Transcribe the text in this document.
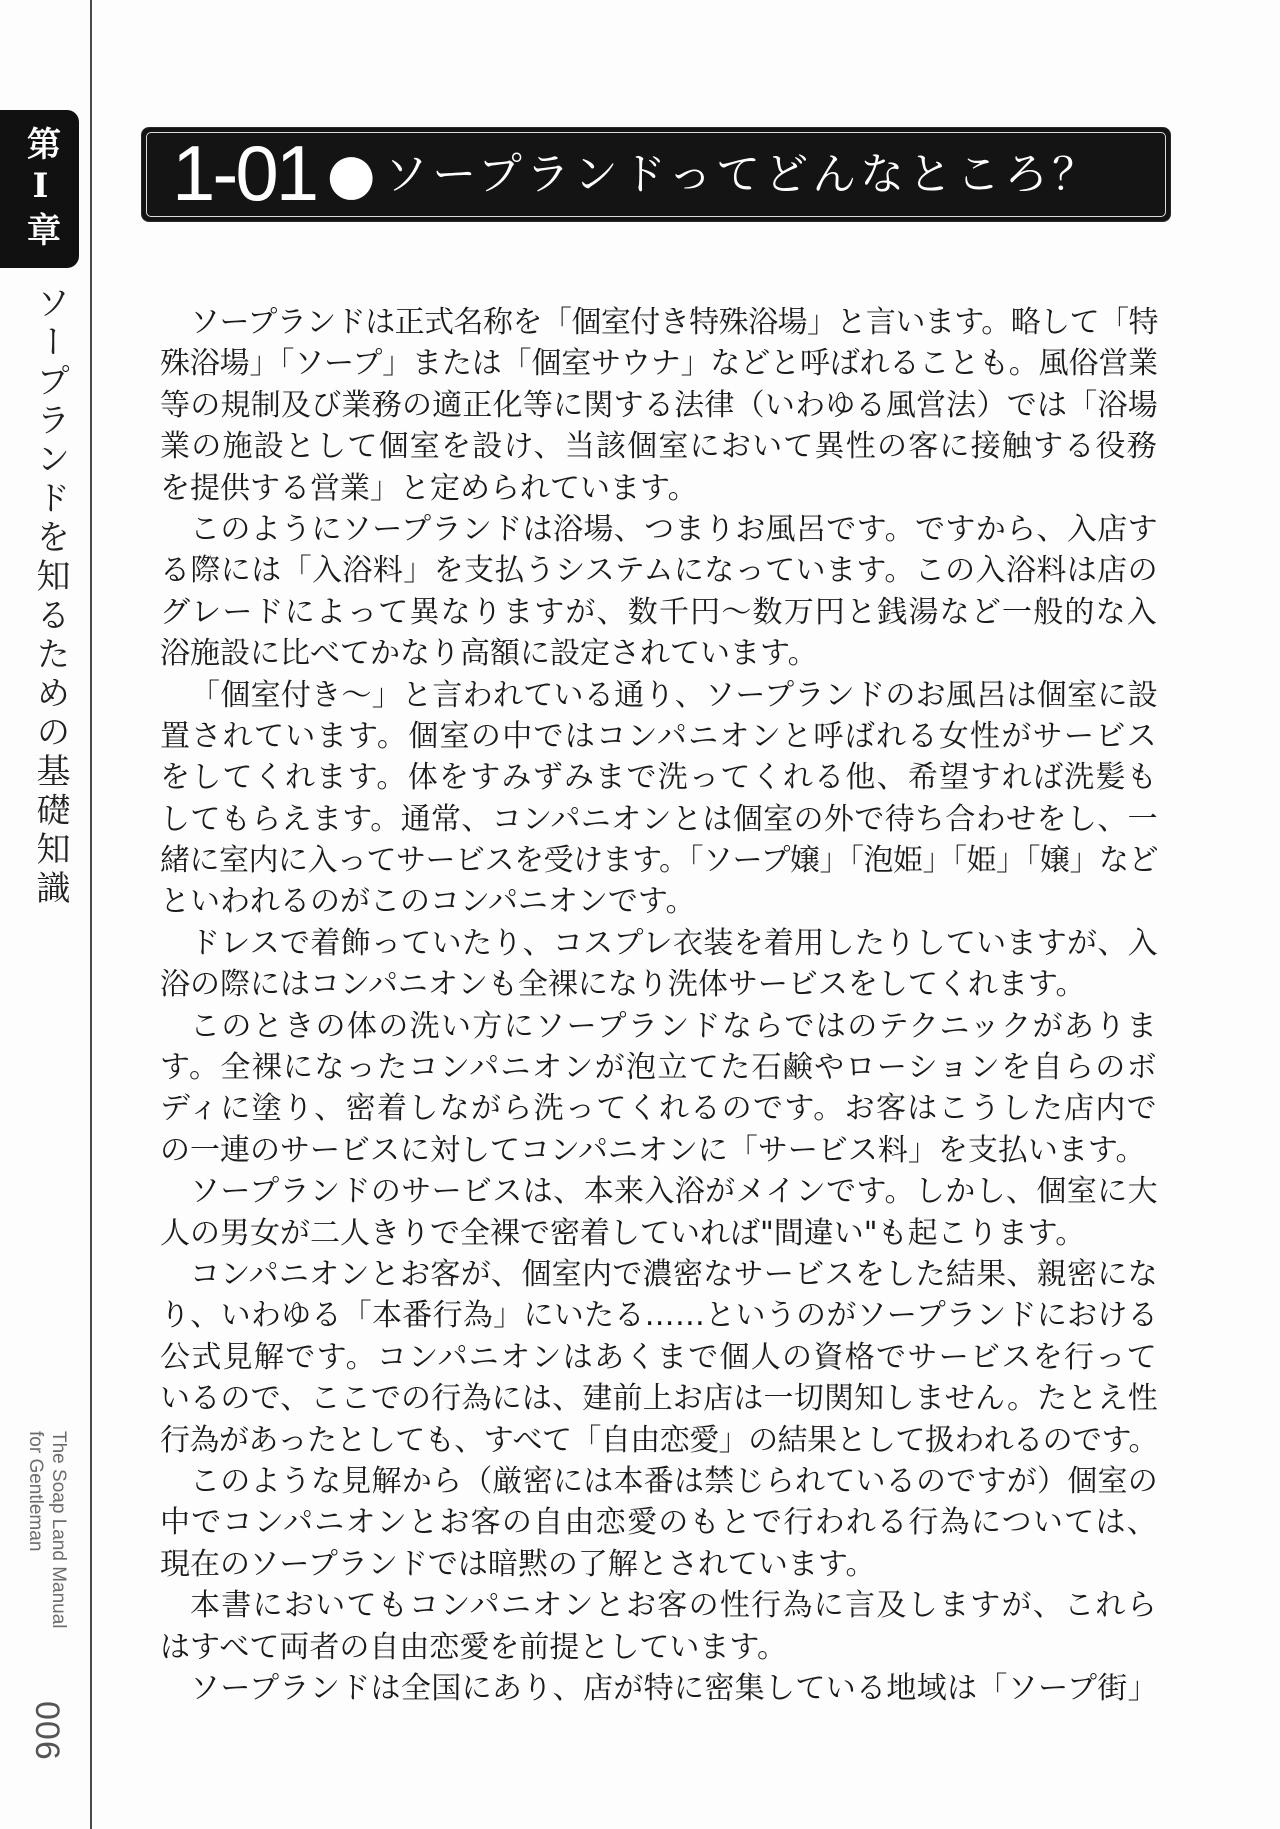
第Ⅰ章
ソープランドを知るための基礎知識
The Soap Land Manual
for Gentleman
006
1-01 ● ソープランドってどんなところ？
ソープランドは正式名称を「個室付き特殊浴場」と言います。略して「特
殊浴場」「ソープ」または「個室サウナ」などと呼ばれることも。風俗営業
等の規制及び業務の適正化等に関する法律（いわゆる風営法）では「浴場
業の施設として個室を設け、当該個室において異性の客に接触する役務
を提供する営業」と定められています。
このようにソープランドは浴場、つまりお風呂です。ですから、入店す
る際には「入浴料」を支払うシステムになっています。この入浴料は店の
グレードによって異なりますが、数千円～数万円と銭湯など一般的な入
浴施設に比べてかなり高額に設定されています。
「個室付き～」と言われている通り、ソープランドのお風呂は個室に設
置されています。個室の中ではコンパニオンと呼ばれる女性がサービス
をしてくれます。体をすみずみまで洗ってくれる他、希望すれば洗髪も
してもらえます。通常、コンパニオンとは個室の外で待ち合わせをし、一
緒に室内に入ってサービスを受けます。「ソープ嬢」「泡姫」「姫」「嬢」など
といわれるのがこのコンパニオンです。
ドレスで着飾っていたり、コスプレ衣装を着用したりしていますが、入
浴の際にはコンパニオンも全裸になり洗体サービスをしてくれます。
このときの体の洗い方にソープランドならではのテクニックがありま
す。全裸になったコンパニオンが泡立てた石鹸やローションを自らのボ
ディに塗り、密着しながら洗ってくれるのです。お客はこうした店内で
の一連のサービスに対してコンパニオンに「サービス料」を支払います。
ソープランドのサービスは、本来入浴がメインです。しかし、個室に大
人の男女が二人きりで全裸で密着していれば"間違い"も起こります。
コンパニオンとお客が、個室内で濃密なサービスをした結果、親密にな
り、いわゆる「本番行為」にいたる……というのがソープランドにおける
公式見解です。コンパニオンはあくまで個人の資格でサービスを行って
いるので、ここでの行為には、建前上お店は一切関知しません。たとえ性
行為があったとしても、すべて「自由恋愛」の結果として扱われるのです。
このような見解から（厳密には本番は禁じられているのですが）個室の
中でコンパニオンとお客の自由恋愛のもとで行われる行為については、
現在のソープランドでは暗黙の了解とされています。
本書においてもコンパニオンとお客の性行為に言及しますが、これら
はすべて両者の自由恋愛を前提としています。
ソープランドは全国にあり、店が特に密集している地域は「ソープ街」
